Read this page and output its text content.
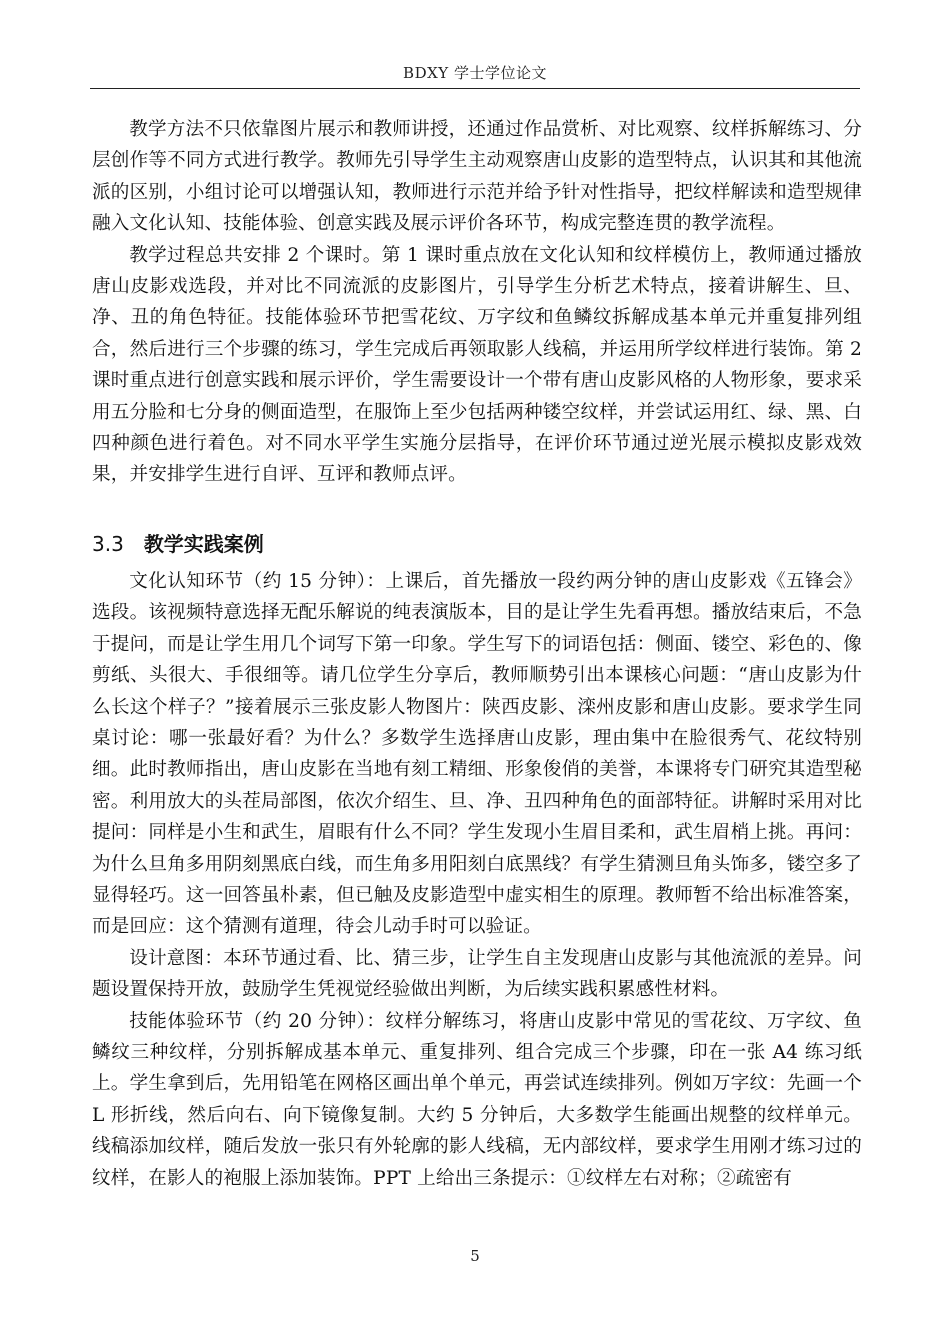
BDXY 学士学位论文

教学方法不只依靠图片展示和教师讲授，还通过作品赏析、对比观察、纹样拆解练习、分层创作等不同方式进行教学。教师先引导学生主动观察唐山皮影的造型特点，认识其和其他流派的区别，小组讨论可以增强认知，教师进行示范并给予针对性指导，把纹样解读和造型规律融入文化认知、技能体验、创意实践及展示评价各环节，构成完整连贯的教学流程。

教学过程总共安排 2 个课时。第 1 课时重点放在文化认知和纹样模仿上，教师通过播放唐山皮影戏选段，并对比不同流派的皮影图片，引导学生分析艺术特点，接着讲解生、旦、净、丑的角色特征。技能体验环节把雪花纹、万字纹和鱼鳞纹拆解成基本单元并重复排列组合，然后进行三个步骤的练习，学生完成后再领取影人线稿，并运用所学纹样进行装饰。第 2 课时重点进行创意实践和展示评价，学生需要设计一个带有唐山皮影风格的人物形象，要求采用五分脸和七分身的侧面造型，在服饰上至少包括两种镂空纹样，并尝试运用红、绿、黑、白四种颜色进行着色。对不同水平学生实施分层指导，在评价环节通过逆光展示模拟皮影戏效果，并安排学生进行自评、互评和教师点评。

3.3 教学实践案例

文化认知环节（约 15 分钟）：上课后，首先播放一段约两分钟的唐山皮影戏《五锋会》选段。该视频特意选择无配乐解说的纯表演版本，目的是让学生先看再想。播放结束后，不急于提问，而是让学生用几个词写下第一印象。学生写下的词语包括：侧面、镂空、彩色的、像剪纸、头很大、手很细等。请几位学生分享后，教师顺势引出本课核心问题：“唐山皮影为什么长这个样子？”接着展示三张皮影人物图片：陕西皮影、滦州皮影和唐山皮影。要求学生同桌讨论：哪一张最好看？为什么？多数学生选择唐山皮影，理由集中在脸很秀气、花纹特别细。此时教师指出，唐山皮影在当地有刻工精细、形象俊俏的美誉，本课将专门研究其造型秘密。利用放大的头茬局部图，依次介绍生、旦、净、丑四种角色的面部特征。讲解时采用对比提问：同样是小生和武生，眉眼有什么不同？学生发现小生眉目柔和，武生眉梢上挑。再问：为什么旦角多用阴刻黑底白线，而生角多用阳刻白底黑线？有学生猜测旦角头饰多，镂空多了显得轻巧。这一回答虽朴素，但已触及皮影造型中虚实相生的原理。教师暂不给出标准答案，而是回应：这个猜测有道理，待会儿动手时可以验证。

设计意图：本环节通过看、比、猜三步，让学生自主发现唐山皮影与其他流派的差异。问题设置保持开放，鼓励学生凭视觉经验做出判断，为后续实践积累感性材料。

技能体验环节（约 20 分钟）：纹样分解练习，将唐山皮影中常见的雪花纹、万字纹、鱼鳞纹三种纹样，分别拆解成基本单元、重复排列、组合完成三个步骤，印在一张 A4 练习纸上。学生拿到后，先用铅笔在网格区画出单个单元，再尝试连续排列。例如万字纹：先画一个 L 形折线，然后向右、向下镜像复制。大约 5 分钟后，大多数学生能画出规整的纹样单元。线稿添加纹样，随后发放一张只有外轮廓的影人线稿，无内部纹样，要求学生用刚才练习过的纹样，在影人的袍服上添加装饰。PPT 上给出三条提示：①纹样左右对称；②疏密有

5
